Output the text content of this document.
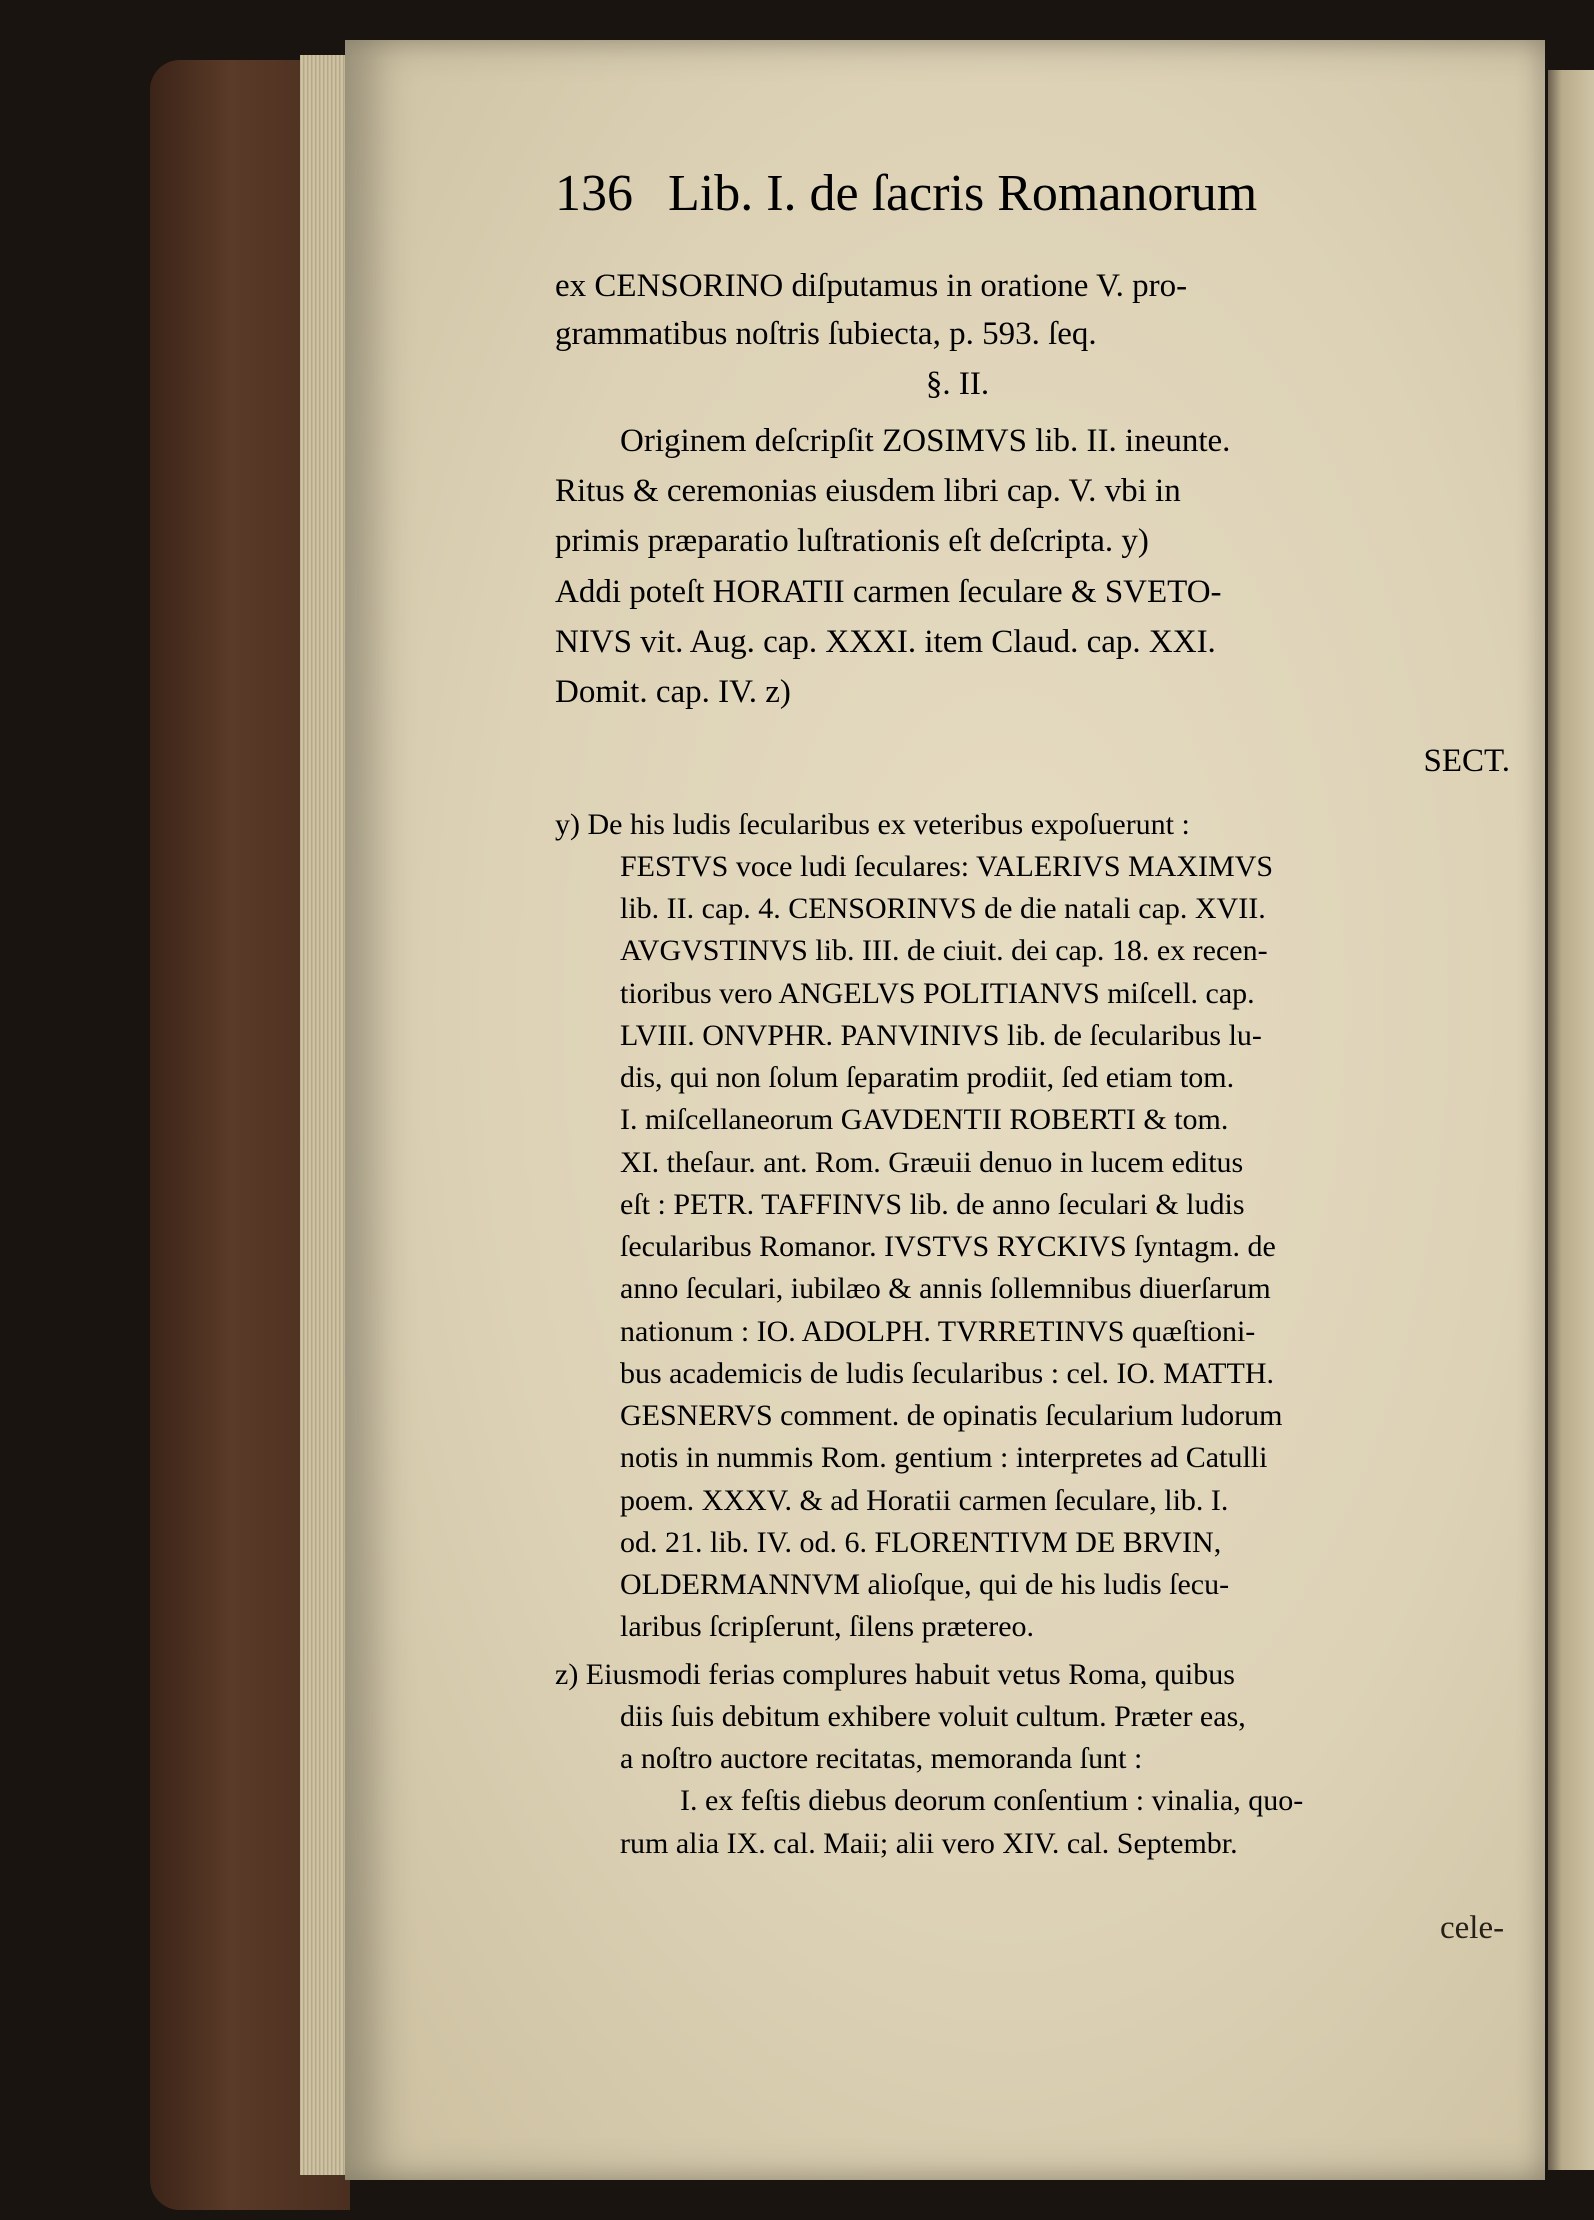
136 Lib. I. de ſacris Romanorum
ex CENSORINO diſputamus in oratione V. pro-
grammatibus noſtris ſubiecta, p. 593. ſeq.
§. II.
Originem deſcripſit ZOSIMVS lib. II. ineunte.
Ritus & ceremonias eiusdem libri cap. V. vbi in
primis præparatio luſtrationis eſt deſcripta. y)
Addi poteſt HORATII carmen ſeculare & SVETO-
NIVS vit. Aug. cap. XXXI. item Claud. cap. XXI.
Domit. cap. IV. z)
SECT.
y) De his ludis ſecularibus ex veteribus expoſuerunt :
FESTVS voce ludi ſeculares: VALERIVS MAXIMVS
lib. II. cap. 4. CENSORINVS de die natali cap. XVII.
AVGVSTINVS lib. III. de ciuit. dei cap. 18. ex recen-
tioribus vero ANGELVS POLITIANVS miſcell. cap.
LVIII. ONVPHR. PANVINIVS lib. de ſecularibus lu-
dis, qui non ſolum ſeparatim prodiit, ſed etiam tom.
I. miſcellaneorum GAVDENTII ROBERTI & tom.
XI. theſaur. ant. Rom. Græuii denuo in lucem editus
eſt : PETR. TAFFINVS lib. de anno ſeculari & ludis
ſecularibus Romanor. IVSTVS RYCKIVS ſyntagm. de
anno ſeculari, iubilæo & annis ſollemnibus diuerſarum
nationum : IO. ADOLPH. TVRRETINVS quæſtioni-
bus academicis de ludis ſecularibus : cel. IO. MATTH.
GESNERVS comment. de opinatis ſecularium ludorum
notis in nummis Rom. gentium : interpretes ad Catulli
poem. XXXV. & ad Horatii carmen ſeculare, lib. I.
od. 21. lib. IV. od. 6. FLORENTIVM DE BRVIN,
OLDERMANNVM alioſque, qui de his ludis ſecu-
laribus ſcripſerunt, ſilens prætereo.
z) Eiusmodi ferias complures habuit vetus Roma, quibus
diis ſuis debitum exhibere voluit cultum. Præter eas,
a noſtro auctore recitatas, memoranda ſunt :
I. ex feſtis diebus deorum conſentium : vinalia, quo-
rum alia IX. cal. Maii; alii vero XIV. cal. Septembr.
cele-
